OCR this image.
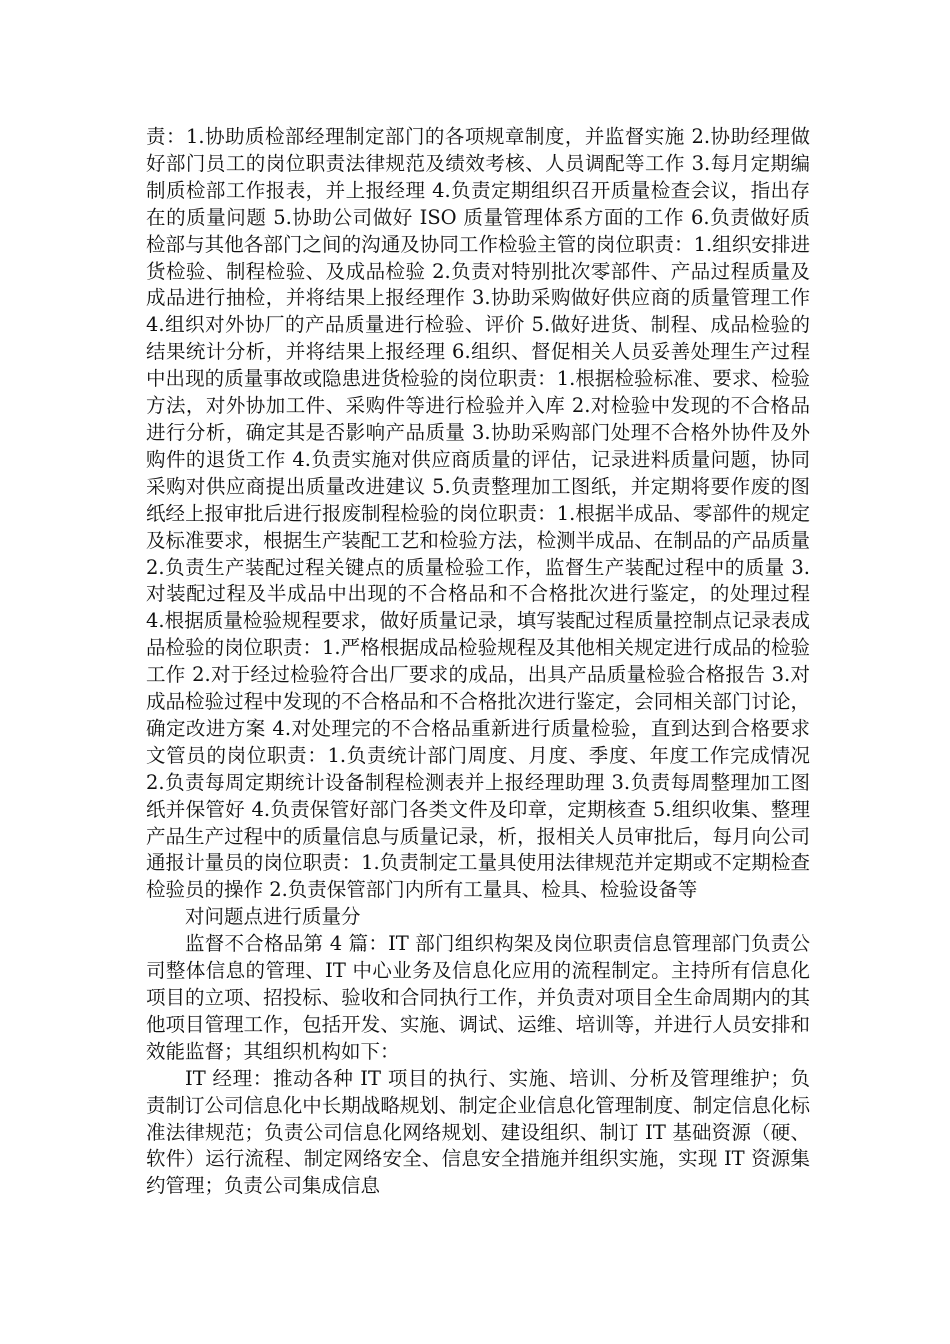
责：1.协助质检部经理制定部门的各项规章制度，并监督实施 2.协助经理做好部门员工的岗位职责法律规范及绩效考核、人员调配等工作 3.每月定期编制质检部工作报表，并上报经理 4.负责定期组织召开质量检查会议，指出存在的质量问题 5.协助公司做好 ISO 质量管理体系方面的工作 6.负责做好质检部与其他各部门之间的沟通及协同工作检验主管的岗位职责：1.组织安排进货检验、制程检验、及成品检验 2.负责对特别批次零部件、产品过程质量及成品进行抽检，并将结果上报经理作 3.协助采购做好供应商的质量管理工作 4.组织对外协厂的产品质量进行检验、评价 5.做好进货、制程、成品检验的结果统计分析，并将结果上报经理 6.组织、督促相关人员妥善处理生产过程中出现的质量事故或隐患进货检验的岗位职责：1.根据检验标准、要求、检验方法，对外协加工件、采购件等进行检验并入库 2.对检验中发现的不合格品进行分析，确定其是否影响产品质量 3.协助采购部门处理不合格外协件及外购件的退货工作 4.负责实施对供应商质量的评估，记录进料质量问题，协同采购对供应商提出质量改进建议 5.负责整理加工图纸，并定期将要作废的图纸经上报审批后进行报废制程检验的岗位职责：1.根据半成品、零部件的规定及标准要求，根据生产装配工艺和检验方法，检测半成品、在制品的产品质量 2.负责生产装配过程关键点的质量检验工作，监督生产装配过程中的质量 3.对装配过程及半成品中出现的不合格品和不合格批次进行鉴定，的处理过程 4.根据质量检验规程要求，做好质量记录，填写装配过程质量控制点记录表成品检验的岗位职责：1.严格根据成品检验规程及其他相关规定进行成品的检验工作 2.对于经过检验符合出厂要求的成品，出具产品质量检验合格报告 3.对成品检验过程中发现的不合格品和不合格批次进行鉴定，会同相关部门讨论，确定改进方案 4.对处理完的不合格品重新进行质量检验，直到达到合格要求文管员的岗位职责：1.负责统计部门周度、月度、季度、年度工作完成情况 2.负责每周定期统计设备制程检测表并上报经理助理 3.负责每周整理加工图纸并保管好 4.负责保管好部门各类文件及印章，定期核查 5.组织收集、整理产品生产过程中的质量信息与质量记录，析，报相关人员审批后，每月向公司通报计量员的岗位职责：1.负责制定工量具使用法律规范并定期或不定期检查检验员的操作 2.负责保管部门内所有工量具、检具、检验设备等

对问题点进行质量分

监督不合格品第 4 篇：IT 部门组织构架及岗位职责信息管理部门负责公司整体信息的管理、IT 中心业务及信息化应用的流程制定。主持所有信息化项目的立项、招投标、验收和合同执行工作，并负责对项目全生命周期内的其他项目管理工作，包括开发、实施、调试、运维、培训等，并进行人员安排和效能监督；其组织机构如下：

IT 经理：推动各种 IT 项目的执行、实施、培训、分析及管理维护；负责制订公司信息化中长期战略规划、制定企业信息化管理制度、制定信息化标准法律规范；负责公司信息化网络规划、建设组织、制订 IT 基础资源（硬、软件）运行流程、制定网络安全、信息安全措施并组织实施，实现 IT 资源集约管理；负责公司集成信息
